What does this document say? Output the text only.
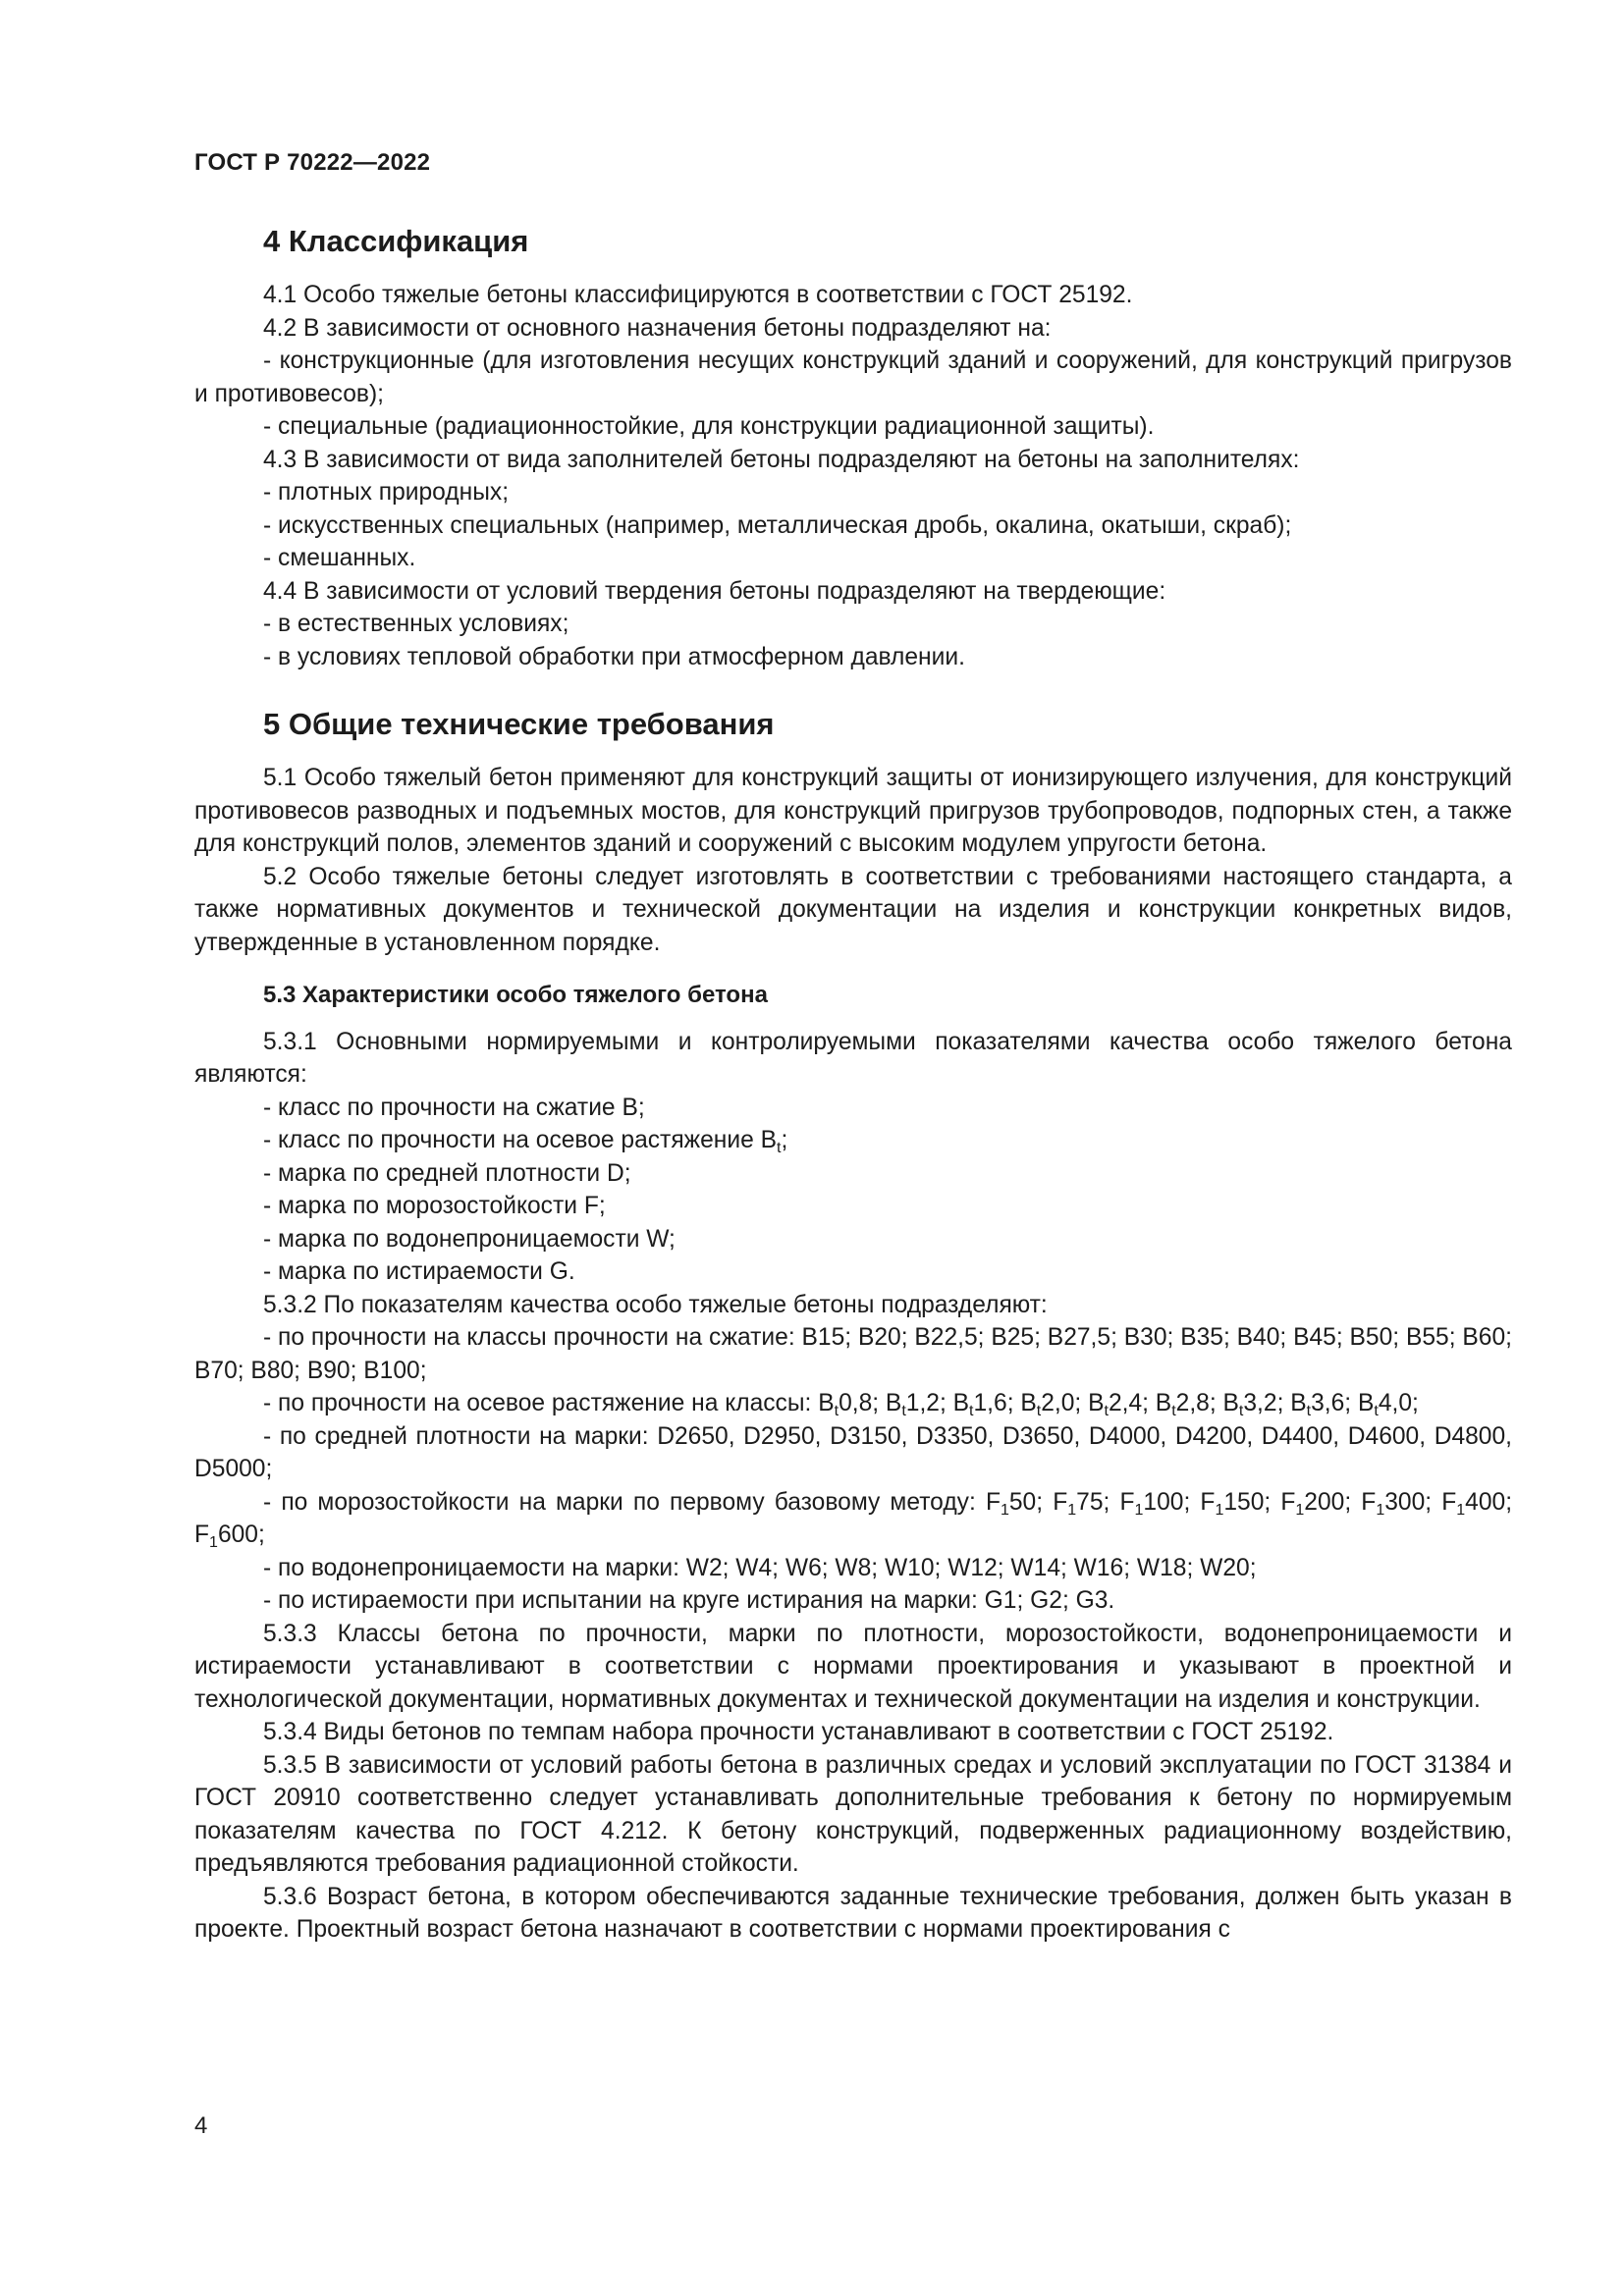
ГОСТ Р 70222—2022
4 Классификация

4.1 Особо тяжелые бетоны классифицируются в соответствии с ГОСТ 25192.

4.2 В зависимости от основного назначения бетоны подразделяют на:

- конструкционные (для изготовления несущих конструкций зданий и сооружений, для конструкций пригрузов и противовесов);

- специальные (радиационностойкие, для конструкции радиационной защиты).

4.3 В зависимости от вида заполнителей бетоны подразделяют на бетоны на заполнителях:

- плотных природных;

- искусственных специальных (например, металлическая дробь, окалина, окатыши, скраб);

- смешанных.

4.4 В зависимости от условий твердения бетоны подразделяют на твердеющие:

- в естественных условиях;

- в условиях тепловой обработки при атмосферном давлении.

5 Общие технические требования

5.1 Особо тяжелый бетон применяют для конструкций защиты от ионизирующего излучения, для конструкций противовесов разводных и подъемных мостов, для конструкций пригрузов трубопроводов, подпорных стен, а также для конструкций полов, элементов зданий и сооружений с высоким модулем упругости бетона.

5.2 Особо тяжелые бетоны следует изготовлять в соответствии с требованиями настоящего стандарта, а также нормативных документов и технической документации на изделия и конструкции конкретных видов, утвержденные в установленном порядке.

5.3 Характеристики особо тяжелого бетона

5.3.1 Основными нормируемыми и контролируемыми показателями качества особо тяжелого бетона являются:

- класс по прочности на сжатие B;

- класс по прочности на осевое растяжение $B_t$;

- марка по средней плотности D;

- марка по морозостойкости F;

- марка по водонепроницаемости W;

- марка по истираемости G.

5.3.2 По показателям качества особо тяжелые бетоны подразделяют:

- по прочности на классы прочности на сжатие: B15; B20; B22,5; B25; B27,5; B30; B35; B40; B45; B50; B55; B60; B70; B80; B90; B100;

- по прочности на осевое растяжение на классы: $B_t0,8$; $B_t1,2$; $B_t1,6$; $B_t2,0$; $B_t2,4$; $B_t2,8$; $B_t3,2$; $B_t3,6$; $B_t4,0$;

- по средней плотности на марки: D2650, D2950, D3150, D3350, D3650, D4000, D4200, D4400, D4600, D4800, D5000;

- по морозостойкости на марки по первому базовому методу: $F_150$; $F_175$; $F_1100$; $F_1150$; $F_1200$; $F_1300$; $F_1400$; $F_1600$;

- по водонепроницаемости на марки: W2; W4; W6; W8; W10; W12; W14; W16; W18; W20;

- по истираемости при испытании на круге истирания на марки: G1; G2; G3.

5.3.3 Классы бетона по прочности, марки по плотности, морозостойкости, водонепроницаемости и истираемости устанавливают в соответствии с нормами проектирования и указывают в проектной и технологической документации, нормативных документах и технической документации на изделия и конструкции.

5.3.4 Виды бетонов по темпам набора прочности устанавливают в соответствии с ГОСТ 25192.

5.3.5 В зависимости от условий работы бетона в различных средах и условий эксплуатации по ГОСТ 31384 и ГОСТ 20910 соответственно следует устанавливать дополнительные требования к бетону по нормируемым показателям качества по ГОСТ 4.212. К бетону конструкций, подверженных радиационному воздействию, предъявляются требования радиационной стойкости.

5.3.6 Возраст бетона, в котором обеспечиваются заданные технические требования, должен быть указан в проекте. Проектный возраст бетона назначают в соответствии с нормами проектирования с

4
